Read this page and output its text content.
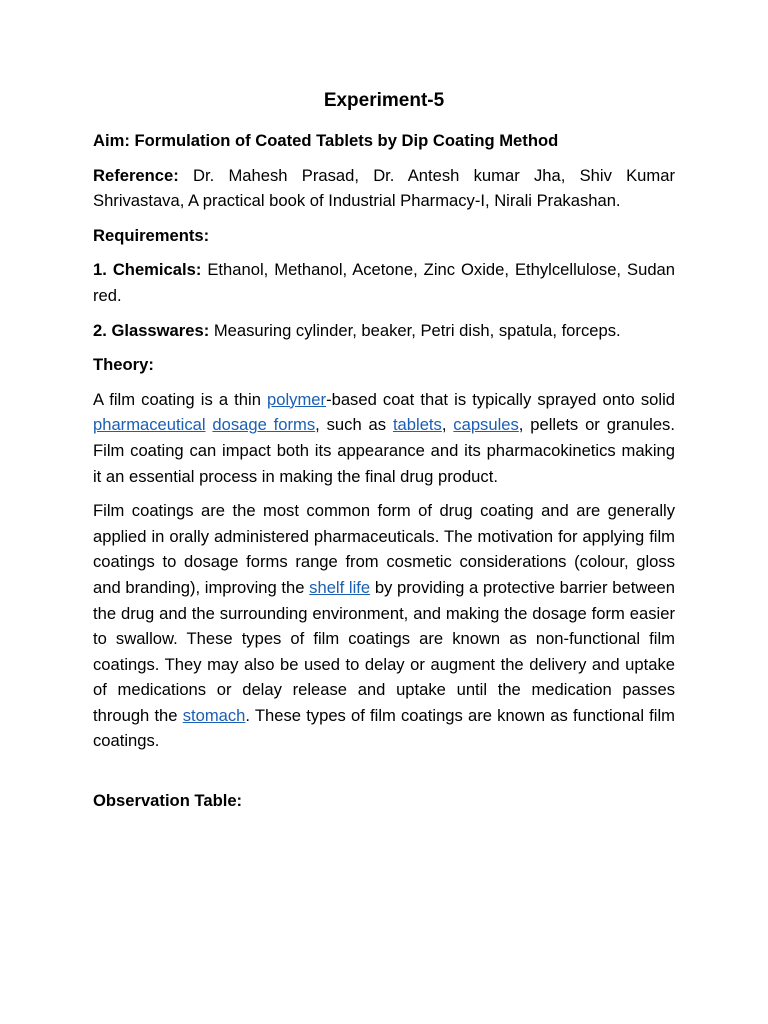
Experiment-5
Aim: Formulation of Coated Tablets by Dip Coating Method
Reference: Dr. Mahesh Prasad, Dr. Antesh kumar Jha, Shiv Kumar Shrivastava, A practical book of Industrial Pharmacy-I, Nirali Prakashan.
Requirements:
1. Chemicals: Ethanol, Methanol, Acetone, Zinc Oxide, Ethylcellulose, Sudan red.
2. Glasswares: Measuring cylinder, beaker, Petri dish, spatula, forceps.
Theory:
A film coating is a thin polymer-based coat that is typically sprayed onto solid pharmaceutical dosage forms, such as tablets, capsules, pellets or granules. Film coating can impact both its appearance and its pharmacokinetics making it an essential process in making the final drug product.
Film coatings are the most common form of drug coating and are generally applied in orally administered pharmaceuticals. The motivation for applying film coatings to dosage forms range from cosmetic considerations (colour, gloss and branding), improving the shelf life by providing a protective barrier between the drug and the surrounding environment, and making the dosage form easier to swallow. These types of film coatings are known as non-functional film coatings. They may also be used to delay or augment the delivery and uptake of medications or delay release and uptake until the medication passes through the stomach. These types of film coatings are known as functional film coatings.
Observation Table:
